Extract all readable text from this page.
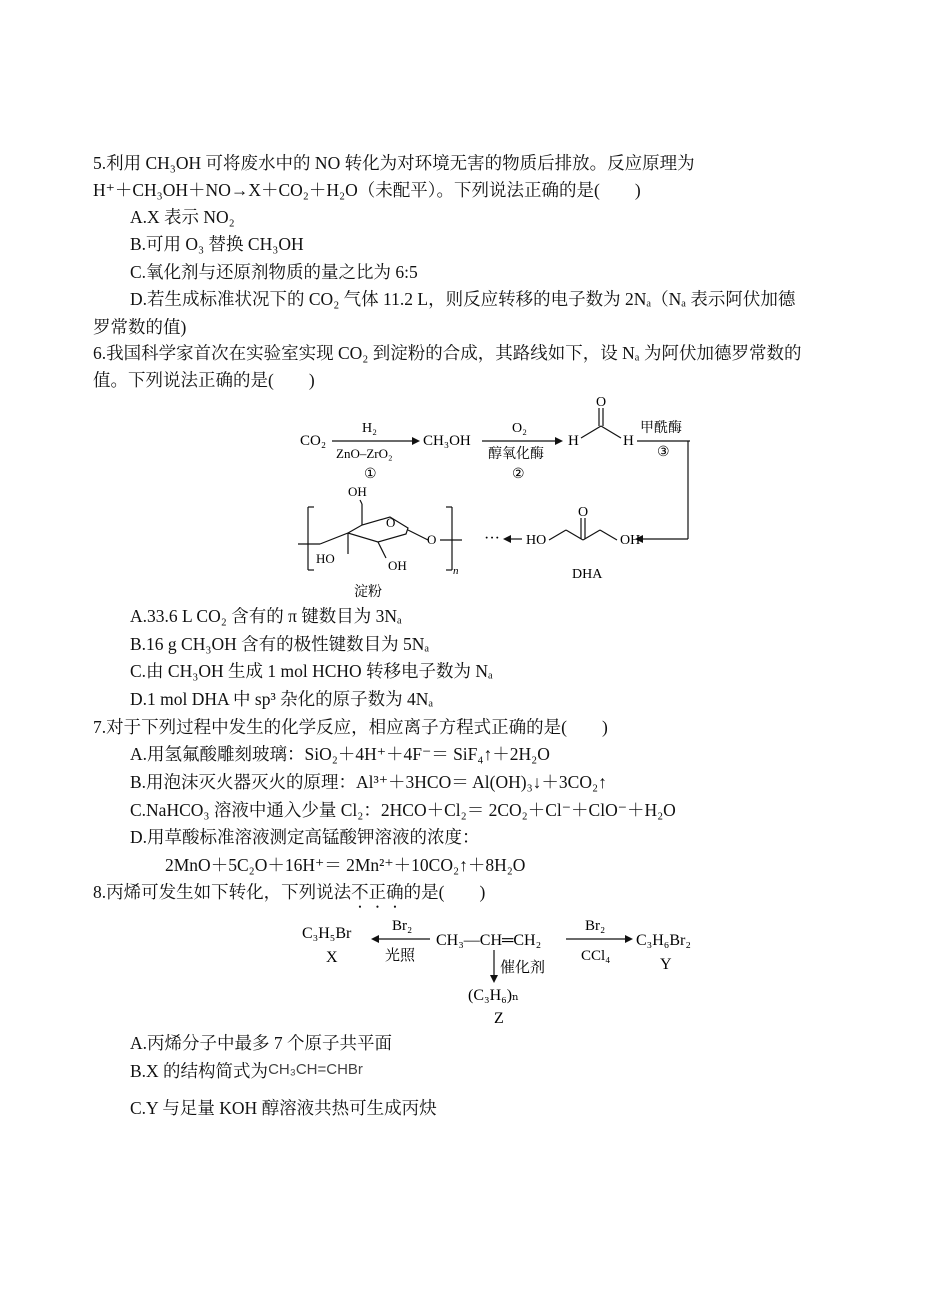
5.利用 CH₃OH 可将废水中的 NO 转化为对环境无害的物质后排放。反应原理为
H⁺＋CH₃OH＋NO→X＋CO₂＋H₂O（未配平）。下列说法正确的是(　　)
A.X 表示 NO₂
B.可用 O₃ 替换 CH₃OH
C.氧化剂与还原剂物质的量之比为 6:5
D.若生成标准状况下的 CO₂ 气体 11.2 L，则反应转移的电子数为 2Nₐ（Nₐ 表示阿伏加德
罗常数的值)
6.我国科学家首次在实验室实现 CO₂ 到淀粉的合成，其路线如下，设 Nₐ 为阿伏加德罗常数的
值。下列说法正确的是(　　)
CO₂
H₂
ZnO–ZrO₂
①
CH₃OH
O₂
醇氧化酶
②
H
O
H
甲酰酶
③
HO
O
OH
DHA
···
n
O
OH
HO	OH
O
淀粉
A.33.6 L CO₂ 含有的 π 键数目为 3Nₐ
B.16 g CH₃OH 含有的极性键数目为 5Nₐ
C.由 CH₃OH 生成 1 mol HCHO 转移电子数为 Nₐ
D.1 mol DHA 中 sp³ 杂化的原子数为 4Nₐ
7.对于下列过程中发生的化学反应，相应离子方程式正确的是(　　)
A.用氢氟酸雕刻玻璃：SiO₂＋4H⁺＋4F⁻＝ SiF₄↑＋2H₂O
B.用泡沫灭火器灭火的原理：Al³⁺＋3HCO＝ Al(OH)₃↓＋3CO₂↑
C.NaHCO₃ 溶液中通入少量 Cl₂：2HCO＋Cl₂＝ 2CO₂＋Cl⁻＋ClO⁻＋H₂O
D.用草酸标准溶液测定高锰酸钾溶液的浓度：
2MnO＋5C₂O＋16H⁺＝ 2Mn²⁺＋10CO₂↑＋8H₂O
8.丙烯可发生如下转化，下列说法不正确的是(　　)
C₃H₅Br
X
Br₂
光照
CH₃—CH═CH₂
Br₂
CCl₄
C₃H₆Br₂
Y
催化剂
(C₃H₆)ₙ
Z
A.丙烯分子中最多 7 个原子共平面
B.X 的结构简式为CH₃CH=CHBr
C.Y 与足量 KOH 醇溶液共热可生成丙炔
